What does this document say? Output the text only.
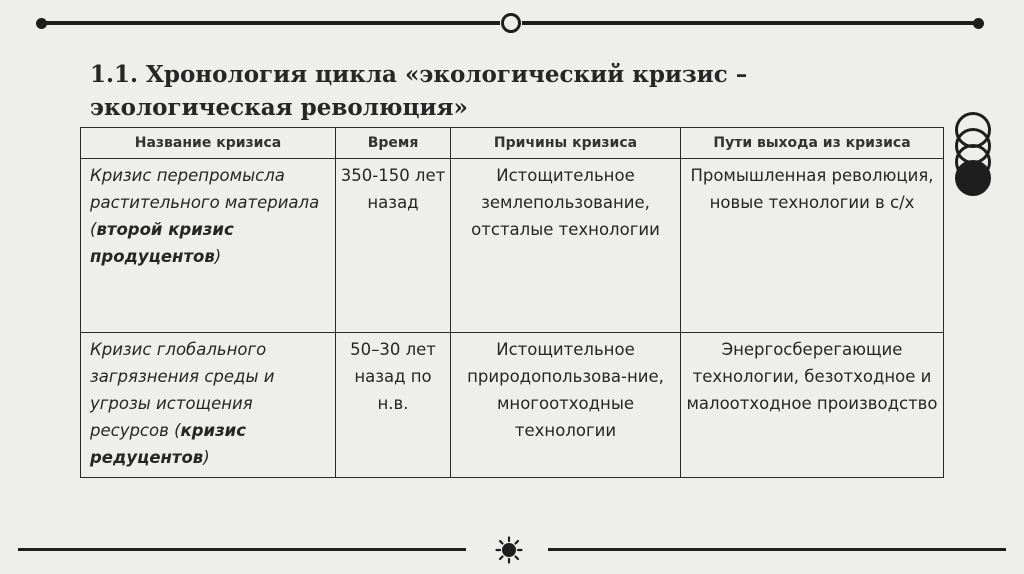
1.1. Хронология цикла «экологический кризис – экологическая революция»
Название кризиса	Время	Причины кризиса	Пути выхода из кризиса
Кризис перепромысла растительного материала (второй кризис продуцентов)	350-150 лет назад	Истощительное землепользование, отсталые технологии	Промышленная революция, новые технологии в с/х
Кризис глобального загрязнения среды и угрозы истощения ресурсов (кризис редуцентов)	50–30 лет назад по н.в.	Истощительное природопользова-ние, многоотходные технологии	Энергосберегающие технологии, безотходное и малоотходное производство
